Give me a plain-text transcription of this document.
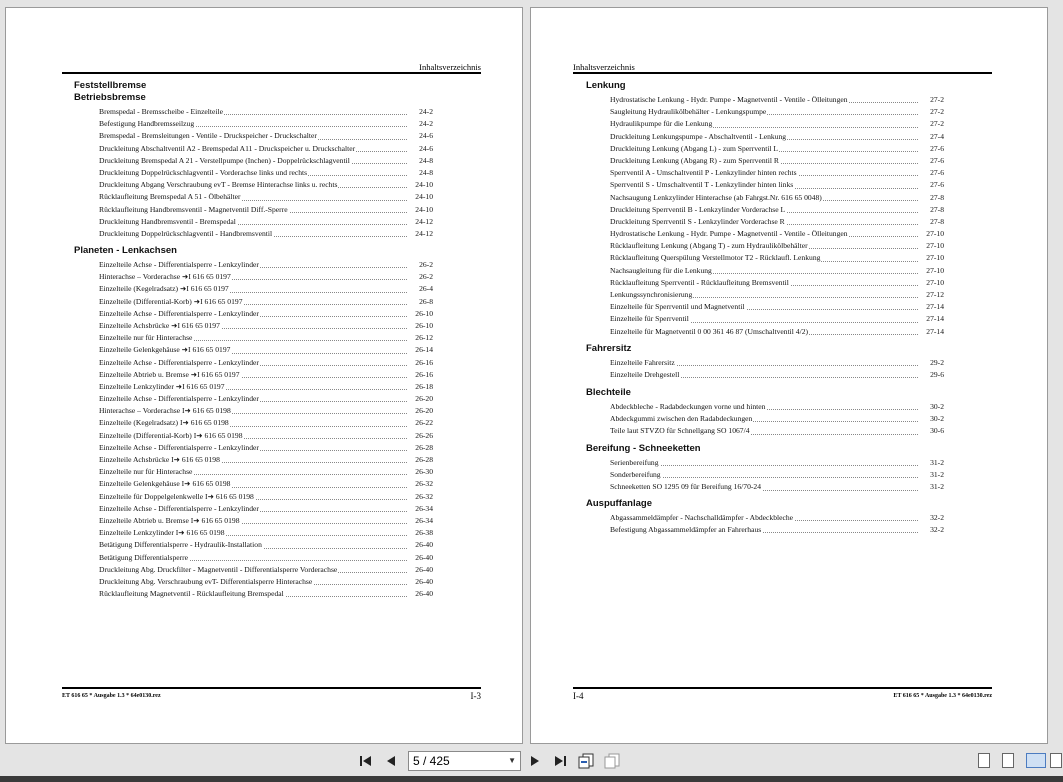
Inhaltsverzeichnis
Feststellbremse
Betriebsbremse
Bremspedal - Bremsscheibe - Einzelteile	24-2
Befestigung Handbremsseilzug	24-2
Bremspedal - Bremsleitungen - Ventile - Druckspeicher - Druckschalter	24-6
Druckleitung Abschaltventil A2 - Bremspedal A11 - Druckspeicher u. Druckschalter	24-6
Druckleitung Bremspedal A 21 - Verstellpumpe (Inchen) - Doppelrückschlagventil	24-8
Druckleitung Doppelrückschlagventil - Vorderachse links und rechts	24-8
Druckleitung Abgang Verschraubung evT - Bremse Hinterachse links u. rechts	24-10
Rücklaufleitung Bremspedal A 51 - Ölbehälter	24-10
Rücklaufleitung Handbremsventil - Magnetventil Diff.-Sperre	24-10
Druckleitung Handbremsventil - Bremspedal	24-12
Druckleitung Doppelrückschlagventil - Handbremsventil	24-12
Planeten - Lenkachsen
Einzelteile Achse - Differentialsperre - Lenkzylinder	26-2
Hinterachse – Vorderachse ➜I 616 65 0197	26-2
Einzelteile (Kegelradsatz) ➜I 616 65 0197	26-4
Einzelteile (Differential-Korb) ➜I 616 65 0197	26-8
Einzelteile Achse - Differentialsperre - Lenkzylinder	26-10
Einzelteile Achsbrücke ➜I 616 65 0197	26-10
Einzelteile nur für Hinterachse	26-12
Einzelteile Gelenkgehäuse ➜I 616 65 0197	26-14
Einzelteile Achse - Differentialsperre - Lenkzylinder	26-16
Einzelteile Abtrieb u. Bremse ➜I 616 65 0197	26-16
Einzelteile Lenkzylinder ➜I 616 65 0197	26-18
Einzelteile Achse - Differentialsperre - Lenkzylinder	26-20
Hinterachse – Vorderachse I➜ 616 65 0198	26-20
Einzelteile (Kegelradsatz) I➜ 616 65 0198	26-22
Einzelteile (Differential-Korb) I➜ 616 65 0198	26-26
Einzelteile Achse - Differentialsperre - Lenkzylinder	26-28
Einzelteile Achsbrücke I➜ 616 65 0198	26-28
Einzelteile nur für Hinterachse	26-30
Einzelteile Gelenkgehäuse I➜ 616 65 0198	26-32
Einzelteile für Doppelgelenkwelle I➜ 616 65 0198	26-32
Einzelteile Achse - Differentialsperre - Lenkzylinder	26-34
Einzelteile Abtrieb u. Bremse I➜ 616 65 0198	26-34
Einzelteile Lenkzylinder I➜ 616 65 0198	26-38
Betätigung Differentialsperre - Hydraulik-Installation	26-40
Betätigung Differentialsperre	26-40
Druckleitung Abg. Druckfilter - Magnetventil - Differentialsperre Vorderachse	26-40
Druckleitung Abg. Verschraubung evT- Differentialsperre Hinterachse	26-40
Rücklaufleitung Magnetventil - Rücklaufleitung Bremspedal	26-40
ET 616 65 * Ausgabe 1.3 * 64e0130.rez	I-3
Inhaltsverzeichnis
Lenkung
Hydrostatische Lenkung - Hydr. Pumpe - Magnetventil - Ventile - Ölleitungen	27-2
Saugleitung Hydraulikölbehälter - Lenkungspumpe	27-2
Hydraulikpumpe für die Lenkung	27-2
Druckleitung Lenkungspumpe - Abschaltventil - Lenkung	27-4
Druckleitung Lenkung (Abgang L) - zum Sperrventil L	27-6
Druckleitung Lenkung (Abgang R) - zum Sperrventil R	27-6
Sperrventil A - Umschaltventil P - Lenkzylinder hinten rechts	27-6
Sperrventil S - Umschaltventil T - Lenkzylinder hinten links	27-6
Nachsaugung Lenkzylinder Hinterachse (ab Fahrgst.Nr. 616 65 0048)	27-8
Druckleitung Sperrventil B - Lenkzylinder Vorderachse L	27-8
Druckleitung Sperrventil S - Lenkzylinder Vorderachse R	27-8
Hydrostatische Lenkung - Hydr. Pumpe - Magnetventil - Ventile - Ölleitungen	27-10
Rücklaufleitung Lenkung (Abgang T) - zum Hydraulikölbehälter	27-10
Rücklaufleitung Querspülung Verstellmotor T2 - Rücklaufl. Lenkung	27-10
Nachsaugleitung für die Lenkung	27-10
Rücklaufleitung Sperrventil - Rücklaufleitung Bremsventil	27-10
Lenkungssynchronisierung	27-12
Einzelteile für Sperrventil und Magnetventil	27-14
Einzelteile für Sperrventil	27-14
Einzelteile für Magnetventil 0 00 361 46 87 (Umschaltventil 4/2)	27-14
Fahrersitz
Einzelteile Fahrersitz	29-2
Einzelteile Drehgestell	29-6
Blechteile
Abdeckbleche - Radabdeckungen vorne und hinten	30-2
Abdeckgummi zwischen den Radabdeckungen	30-2
Teile laut STVZO für Schnellgang SO 1067/4	30-6
Bereifung - Schneeketten
Serienbereifung	31-2
Sonderbereifung	31-2
Schneeketten SO 1295 09 für Bereifung 16/70-24	31-2
Auspuffanlage
Abgassammeldämpfer - Nachschalldämpfer - Abdeckbleche	32-2
Befestigung Abgassammeldämpfer an Fahrerhaus	32-2
I-4	ET 616 65 * Ausgabe 1.3 * 64e0130.rez
5 / 425	▼
